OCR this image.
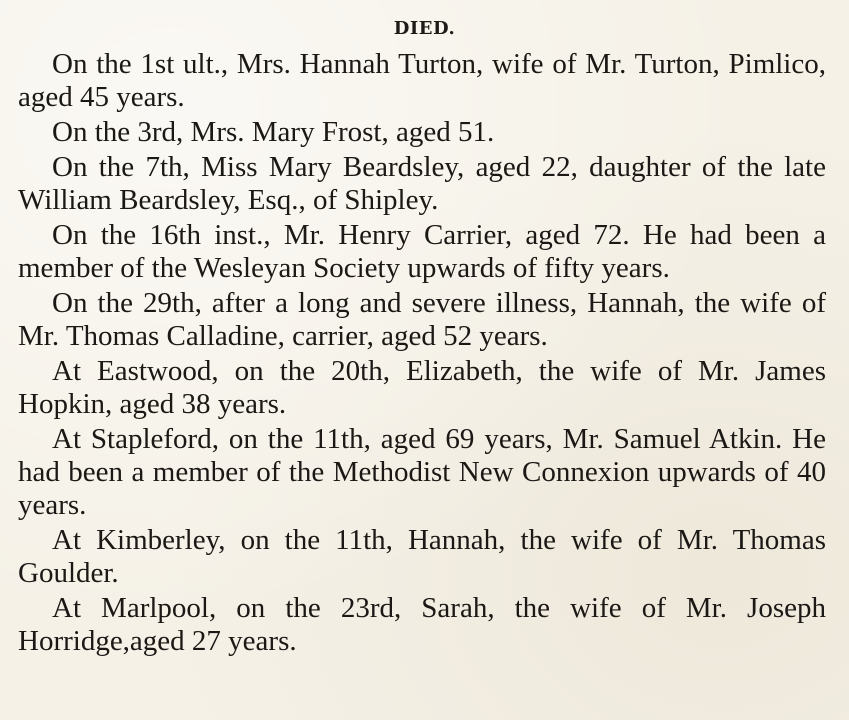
DIED.

On the 1st ult., Mrs. Hannah Turton, wife of Mr. Turton, Pimlico, aged 45 years.

On the 3rd, Mrs. Mary Frost, aged 51.

On the 7th, Miss Mary Beardsley, aged 22, daughter of the late William Beardsley, Esq., of Shipley.

On the 16th inst., Mr. Henry Carrier, aged 72. He had been a member of the Wesleyan Society upwards of fifty years.

On the 29th, after a long and severe illness, Hannah, the wife of Mr. Thomas Calladine, carrier, aged 52 years.

At Eastwood, on the 20th, Elizabeth, the wife of Mr. James Hopkin, aged 38 years.

At Stapleford, on the 11th, aged 69 years, Mr. Samuel Atkin. He had been a member of the Methodist New Connexion upwards of 40 years.

At Kimberley, on the 11th, Hannah, the wife of Mr. Thomas Goulder.

At Marlpool, on the 23rd, Sarah, the wife of Mr. Joseph Horridge,aged 27 years.
